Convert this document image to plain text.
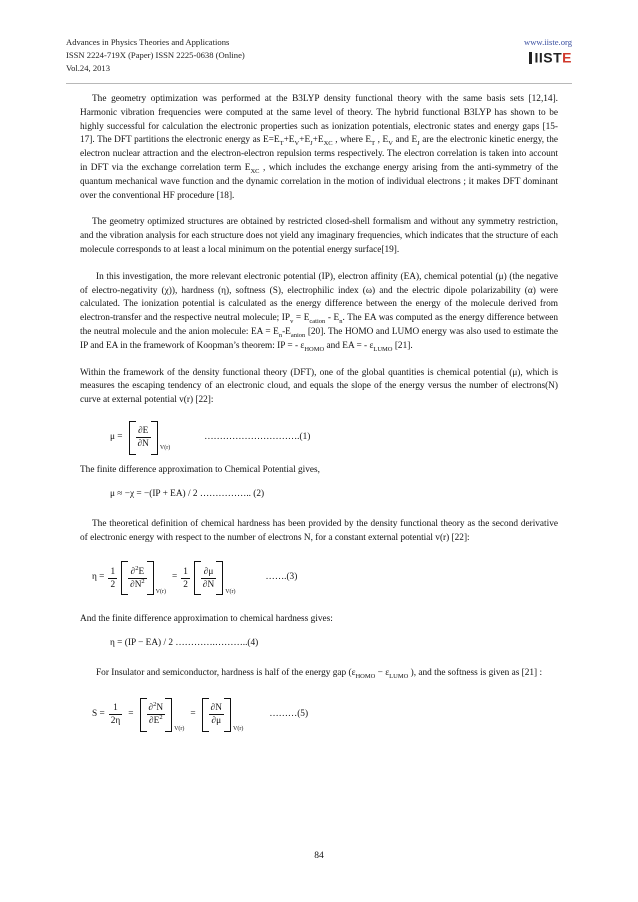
Advances in Physics Theories and Applications
ISSN 2224-719X (Paper) ISSN 2225-0638 (Online)
Vol.24, 2013
www.iiste.org
IISTE

The geometry optimization was performed at the B3LYP density functional theory with the same basis sets [12,14]. Harmonic vibration frequencies were computed at the same level of theory. The hybrid functional B3LYP has shown to be highly successful for calculation the electronic properties such as ionization potentials, electronic states and energy gaps [15-17]. The DFT partitions the electronic energy as $E=E_T+E_V+E_J+E_{XC}$ , where $E_T$ , $E_V$ and $E_J$ are the electronic kinetic energy, the electron nuclear attraction and the electron-electron repulsion terms respectively. The electron correlation is taken into account in DFT via the exchange correlation term $E_{XC}$ , which includes the exchange energy arising from the anti-symmetry of the quantum mechanical wave function and the dynamic correlation in the motion of individual electrons ; it makes DFT dominant over the conventional HF procedure [18].

The geometry optimized structures are obtained by restricted closed-shell formalism and without any symmetry restriction, and the vibration analysis for each structure does not yield any imaginary frequencies, which indicates that the structure of each molecule corresponds to at least a local minimum on the potential energy surface[19].

In this investigation, the more relevant electronic potential (IP), electron affinity (EA), chemical potential (μ) (the negative of electro-negativity (χ)), hardness (η), softness (S), electrophilic index (ω) and the electric dipole polarizability (α) were calculated. The ionization potential is calculated as the energy difference between the energy of the molecule derived from electron-transfer and the respective neutral molecule; $IP_v = E_{cation} - E_n$. The EA was computed as the energy difference between the neutral molecule and the anion molecule: EA = $E_n-E_{anion}$ [20]. The HOMO and LUMO energy was also used to estimate the IP and EA in the framework of Koopman’s theorem: IP = - $\varepsilon_{HOMO}$ and EA = - $\varepsilon_{LUMO}$ [21].

Within the framework of the density functional theory (DFT), one of the global quantities is chemical potential (μ), which is measures the escaping tendency of an electronic cloud, and equals the slope of the energy versus the number of electrons(N) curve at external potential v(r) [22]:

$\mu = \frac{\partial E}{\partial N} V(r)$
………………………….(1)

The finite difference approximation to Chemical Potential gives,

μ ≈ −χ = −(IP + EA) / 2 …………….. (2)

The theoretical definition of chemical hardness has been provided by the density functional theory as the second derivative of electronic energy with respect to the number of electrons N, for a constant external potential v(r) [22]:

$\eta = \frac{1}{2} \frac{\partial^2E}{\partial N^2}$
V(r)
= $\frac{1}{2} \frac{\partial\mu}{\partial N}$
V(r)
…….(3)

And the finite difference approximation to chemical hardness gives:

η = (IP − EA) / 2 ………….………..(4)

For Insulator and semiconductor, hardness is half of the energy gap ($\varepsilon_{HOMO} - \varepsilon_{LUMO}$ ), and the softness is given as [21] :

$S = \frac{1}{2\eta} = \frac{\partial^2N}{\partial E^2}$
V(r)
= $\frac{\partial N}{\partial\mu}$
V(r)
………(5)
84
